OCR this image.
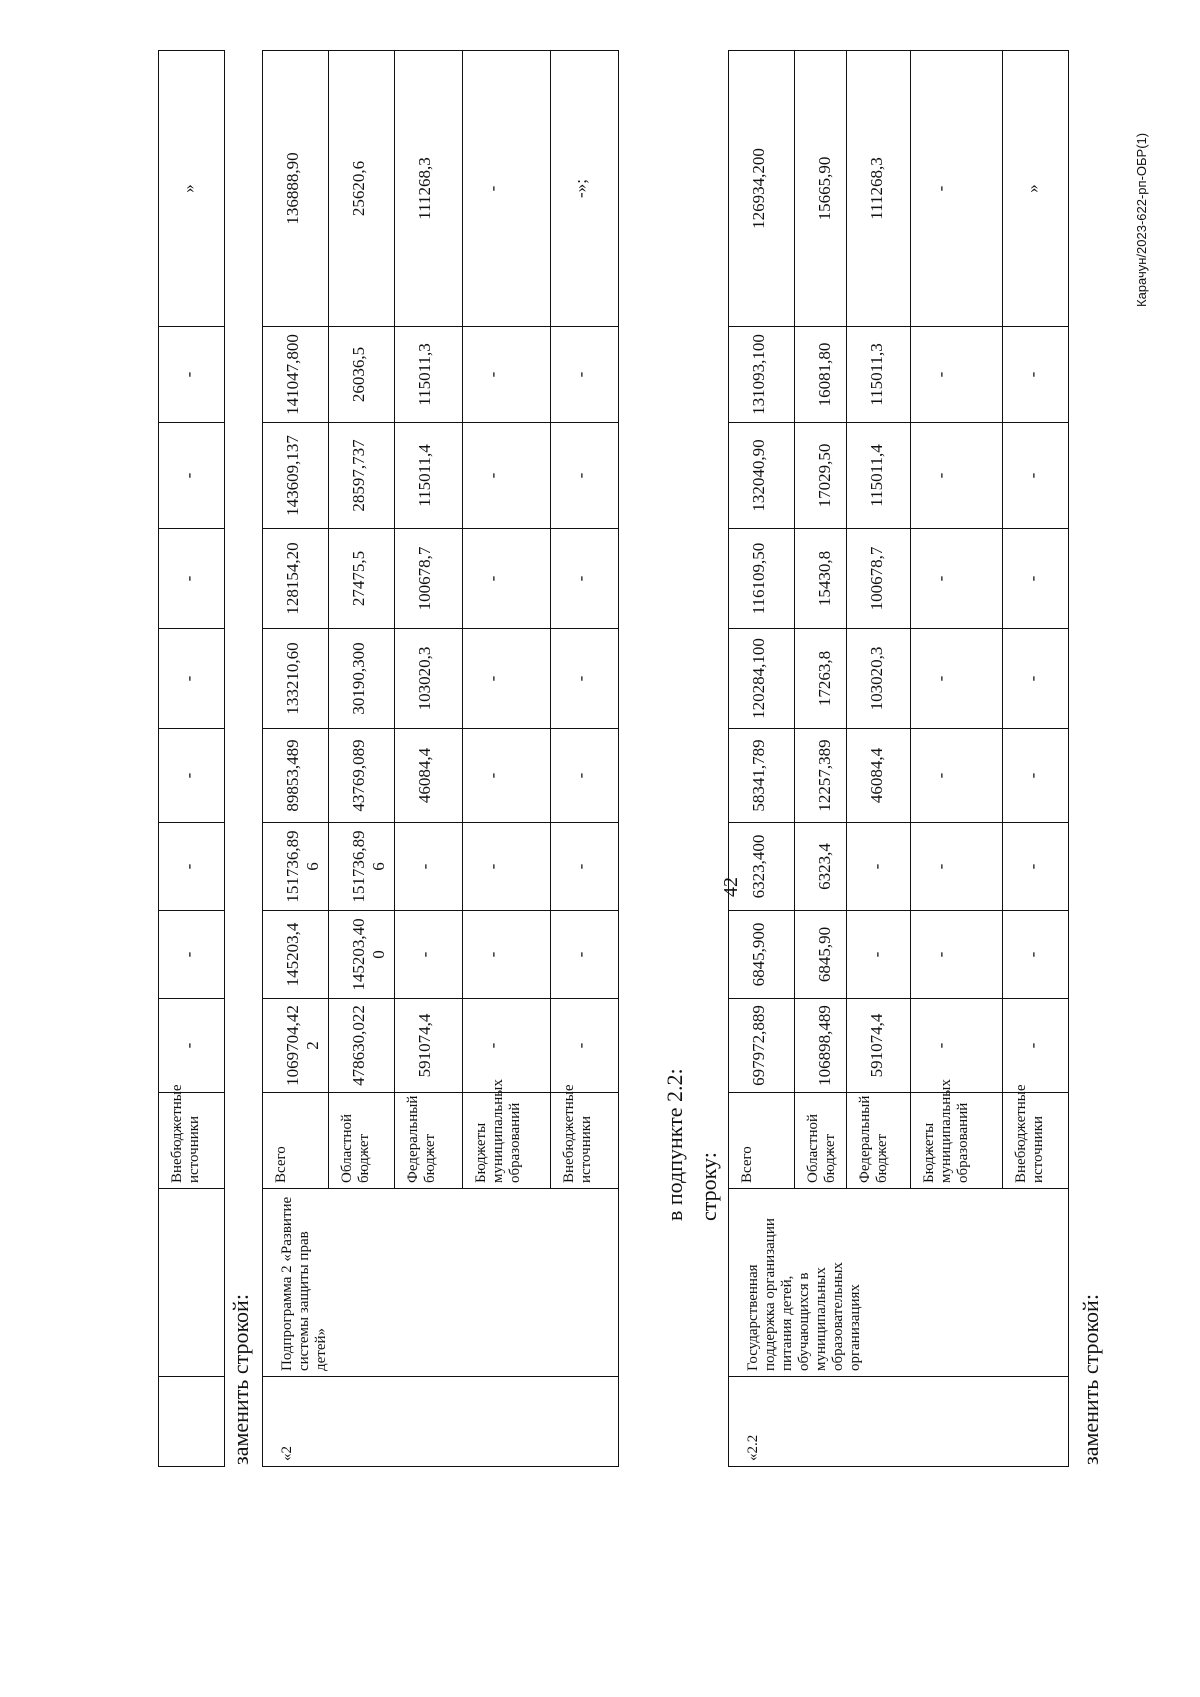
42
		Внебюджетные источники	-	-	-	-	-	-	-	-	»
заменить строкой: «2	Подпрограмма 2 «Развитие системы защиты прав детей»	Всего	1069704,422	145203,4	151736,896	89853,489	133210,60	128154,20	143609,137	141047,800	136888,90
		Областной бюджет	478630,022	145203,400	151736,896	43769,089	30190,300	27475,5	28597,737	26036,5	25620,6
		Федеральный бюджет	591074,4	-	-	46084,4	103020,3	100678,7	115011,4	115011,3	111268,3
		Бюджеты муниципальных образований	-	-	-	-	-	-	-	-	-
		Внебюджетные источники	-	-	-	-	-	-	-	-	-»;
в подпункте 2.2: строку:
«2.2	Государственная поддержка организации питания детей, обучающихся в муниципальных образовательных организациях	Всего	697972,889	6845,900	6323,400	58341,789	120284,100	116109,50	132040,90	131093,100	126934,200
		Областной бюджет	106898,489	6845,90	6323,4	12257,389	17263,8	15430,8	17029,50	16081,80	15665,90
		Федеральный бюджет	591074,4	-	-	46084,4	103020,3	100678,7	115011,4	115011,3	111268,3
		Бюджеты муниципальных образований	-	-	-	-	-	-	-	-	-
		Внебюджетные источники	-	-	-	-	-	-	-	-	»
заменить строкой:
Карачун/2023-622-рп-ОБР(1)
